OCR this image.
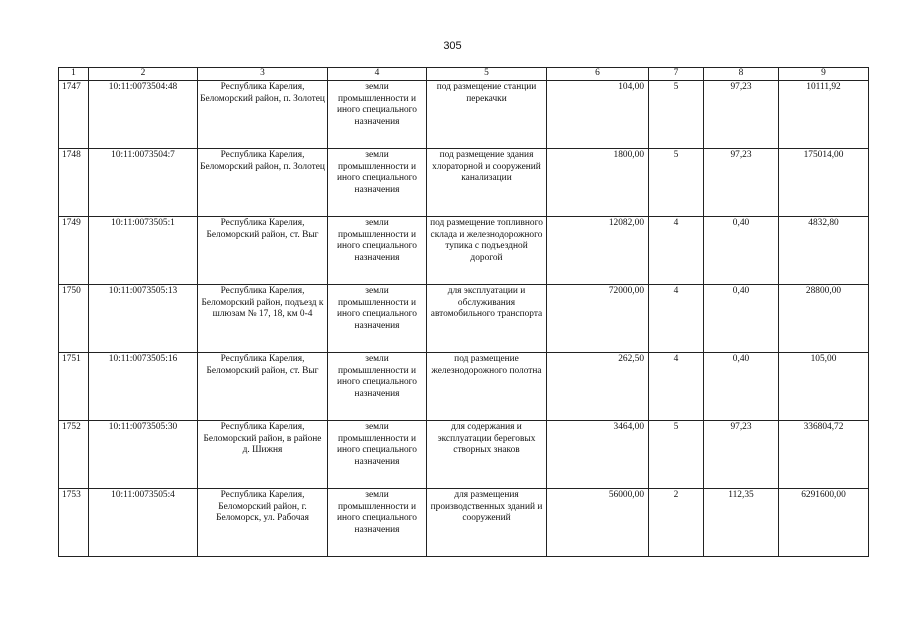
305
1	2	3	4	5	6	7	8	9
1747	10:11:0073504:48	Республика Карелия, Беломорский район, п. Золотец	земли промышленности и иного специального назначения	под размещение станции перекачки	104,00	5	97,23	10111,92
1748	10:11:0073504:7	Республика Карелия, Беломорский район, п. Золотец	земли промышленности и иного специального назначения	под размещение здания хлораторной и сооружений канализации	1800,00	5	97,23	175014,00
1749	10:11:0073505:1	Республика Карелия, Беломорский район, ст. Выг	земли промышленности и иного специального назначения	под размещение топливного склада и железнодорожного тупика с подъездной дорогой	12082,00	4	0,40	4832,80
1750	10:11:0073505:13	Республика Карелия, Беломорский район, подъезд к шлюзам № 17, 18, км 0-4	земли промышленности и иного специального назначения	для эксплуатации и обслуживания автомобильного транспорта	72000,00	4	0,40	28800,00
1751	10:11:0073505:16	Республика Карелия, Беломорский район, ст. Выг	земли промышленности и иного специального назначения	под размещение железнодорожного полотна	262,50	4	0,40	105,00
1752	10:11:0073505:30	Республика Карелия, Беломорский район, в районе д. Шижня	земли промышленности и иного специального назначения	для содержания и эксплуатации береговых створных знаков	3464,00	5	97,23	336804,72
1753	10:11:0073505:4	Республика Карелия, Беломорский район, г. Беломорск, ул. Рабочая	земли промышленности и иного специального назначения	для размещения производственных зданий и сооружений	56000,00	2	112,35	6291600,00
